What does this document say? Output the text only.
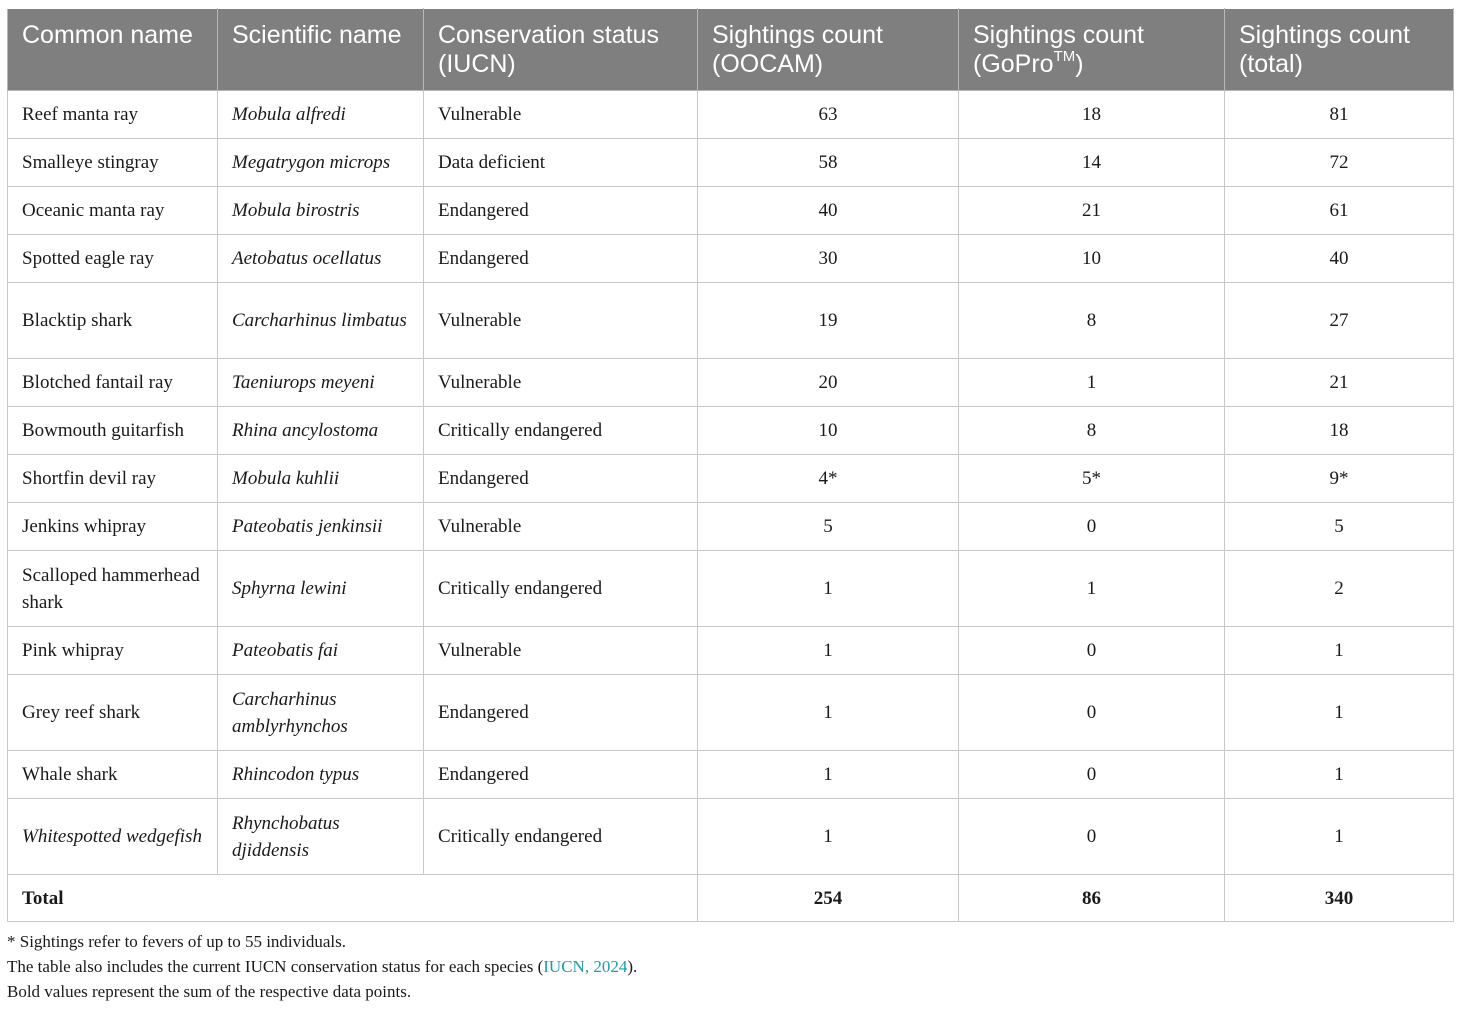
Common name	Scientific name	Conservation status (IUCN)	Sightings count (OOCAM)	Sightings count (GoPro™)	Sightings count (total)
Reef manta ray	Mobula alfredi	Vulnerable	63	18	81
Smalleye stingray	Megatrygon microps	Data deficient	58	14	72
Oceanic manta ray	Mobula birostris	Endangered	40	21	61
Spotted eagle ray	Aetobatus ocellatus	Endangered	30	10	40
Blacktip shark	Carcharhinus limbatus	Vulnerable	19	8	27
Blotched fantail ray	Taeniurops meyeni	Vulnerable	20	1	21
Bowmouth guitarfish	Rhina ancylostoma	Critically endangered	10	8	18
Shortfin devil ray	Mobula kuhlii	Endangered	4*	5*	9*
Jenkins whipray	Pateobatis jenkinsii	Vulnerable	5	0	5
Scalloped hammerhead shark	Sphyrna lewini	Critically endangered	1	1	2
Pink whipray	Pateobatis fai	Vulnerable	1	0	1
Grey reef shark	Carcharhinus amblyrhynchos	Endangered	1	0	1
Whale shark	Rhincodon typus	Endangered	1	0	1
Whitespotted wedgefish	Rhynchobatus djiddensis	Critically endangered	1	0	1
Total			254	86	340
* Sightings refer to fevers of up to 55 individuals.
The table also includes the current IUCN conservation status for each species (IUCN, 2024).
Bold values represent the sum of the respective data points.
